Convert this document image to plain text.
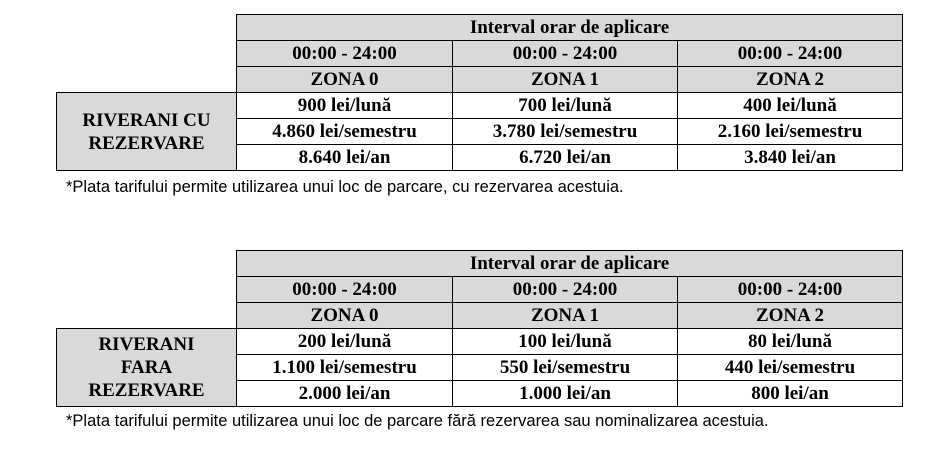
	Interval orar de aplicare		
	00:00 - 24:00	00:00 - 24:00	00:00 - 24:00
	ZONA 0	ZONA 1	ZONA 2

RIVERANI CU
REZERVARE	900 lei/lună	700 lei/lună	400 lei/lună
	4.860 lei/semestru	3.780 lei/semestru	2.160 lei/semestru
	8.640 lei/an	6.720 lei/an	3.840 lei/an
*Plata tarifului permite utilizarea unui loc de parcare, cu rezervarea acestuia.
	Interval orar de aplicare		
	00:00 - 24:00	00:00 - 24:00	00:00 - 24:00
	ZONA 0	ZONA 1	ZONA 2

RIVERANI
FARA
REZERVARE	200 lei/lună	100 lei/lună	80 lei/lună
	1.100 lei/semestru	550 lei/semestru	440 lei/semestru
	2.000 lei/an	1.000 lei/an	800 lei/an
*Plata tarifului permite utilizarea unui loc de parcare fără rezervarea sau nominalizarea acestuia.
